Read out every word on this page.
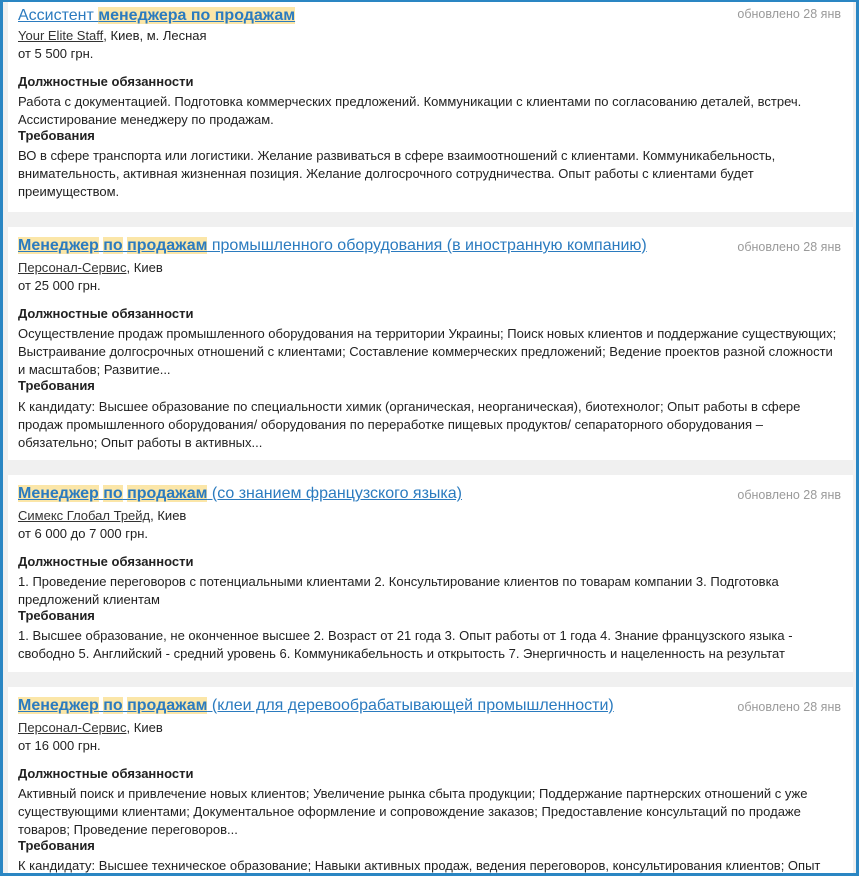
Ассистент менеджера по продажам	обновлено 28 янв
Your Elite Staff, Киев, м. Лесная
от 5 500 грн.
Должностные обязанности
Работа с документацией. Подготовка коммерческих предложений. Коммуникации с клиентами по согласованию деталей, встреч. Ассистирование менеджеру по продажам.
Требования
ВО в сфере транспорта или логистики. Желание развиваться в сфере взаимоотношений с клиентами. Коммуникабельность, внимательность, активная жизненная позиция. Желание долгосрочного сотрудничества. Опыт работы с клиентами будет преимуществом.
Менеджер по продажам промышленного оборудования (в иностранную компанию)	обновлено 28 янв
Персонал-Сервис, Киев
от 25 000 грн.
Должностные обязанности
Осуществление продаж промышленного оборудования на территории Украины; Поиск новых клиентов и поддержание существующих; Выстраивание долгосрочных отношений с клиентами; Составление коммерческих предложений; Ведение проектов разной сложности и масштабов; Развитие...
Требования
К кандидату: Высшее образование по специальности химик (органическая, неорганическая), биотехнолог; Опыт работы в сфере продаж промышленного оборудования/ оборудования по переработке пищевых продуктов/ сепараторного оборудования – обязательно; Опыт работы в активных...
Менеджер по продажам (со знанием французского языка)	обновлено 28 янв
Симекс Глобал Трейд, Киев
от 6 000 до 7 000 грн.
Должностные обязанности
1. Проведение переговоров с потенциальными клиентами 2. Консультирование клиентов по товарам компании 3. Подготовка предложений клиентам
Требования
1. Высшее образование, не оконченное высшее 2. Возраст от 21 года 3. Опыт работы от 1 года 4. Знание французского языка - свободно 5. Английский - средний уровень 6. Коммуникабельность и открытость 7. Энергичность и нацеленность на результат
Менеджер по продажам (клеи для деревообрабатывающей промышленности)	обновлено 28 янв
Персонал-Сервис, Киев
от 16 000 грн.
Должностные обязанности
Активный поиск и привлечение новых клиентов; Увеличение рынка сбыта продукции; Поддержание партнерских отношений с уже существующими клиентами; Документальное оформление и сопровождение заказов; Предоставление консультаций по продаже товаров; Проведение переговоров...
Требования
К кандидату: Высшее техническое образование; Навыки активных продаж, ведения переговоров, консультирования клиентов; Опыт
